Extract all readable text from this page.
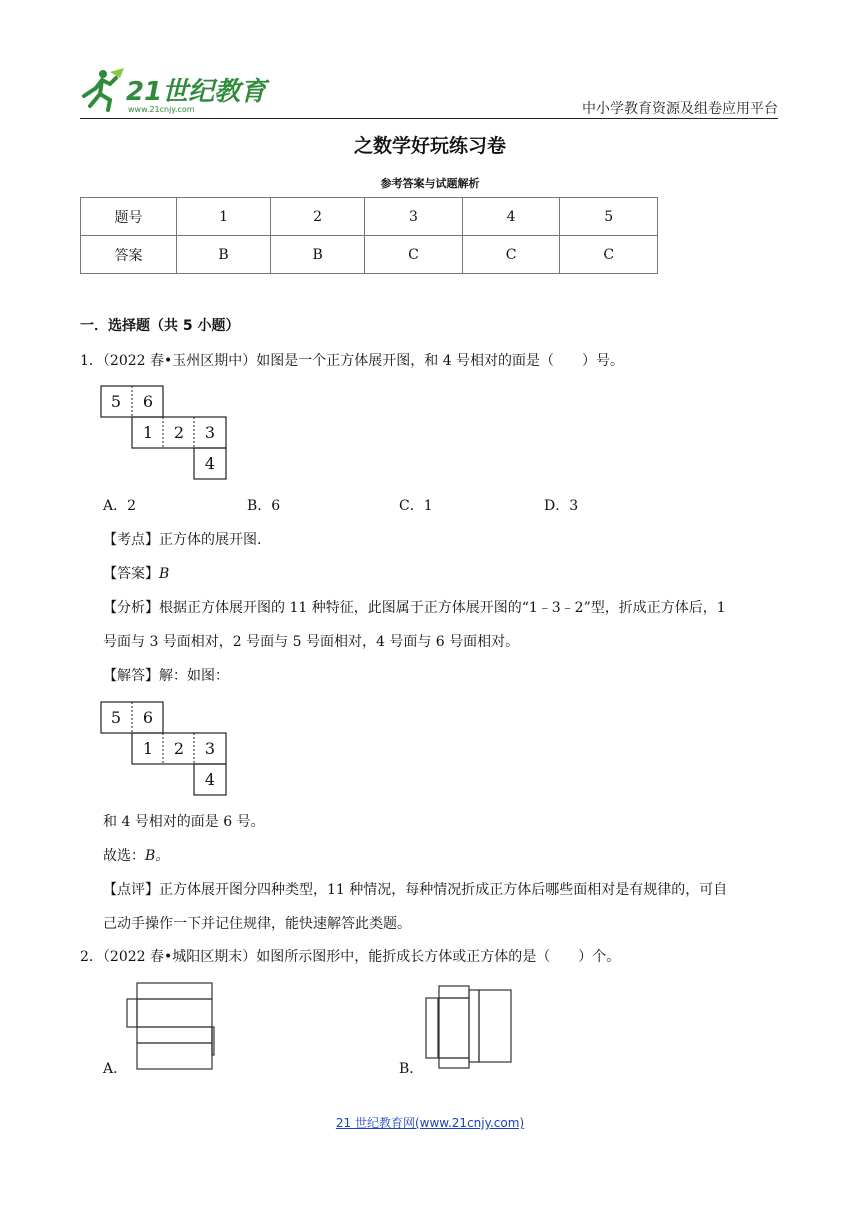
21世纪教育
www.21cnjy.com	中小学教育资源及组卷应用平台
之数学好玩练习卷
参考答案与试题解析
题号	1	2	3	4	5
答案	B	B	C	C	C
一．选择题（共 5 小题）
1．（2022 春•玉州区期中）如图是一个正方体展开图，和 4 号相对的面是（　　）号。
5 6
1 2 3
4
A．2	B．6	C．1	D．3
【考点】正方体的展开图.
【答案】B
【分析】根据正方体展开图的 11 种特征，此图属于正方体展开图的“1﹣3﹣2”型，折成正方体后，1
号面与 3 号面相对，2 号面与 5 号面相对，4 号面与 6 号面相对。
【解答】解：如图：
5 6
1 2 3
4
和 4 号相对的面是 6 号。
故选：B。
【点评】正方体展开图分四种类型，11 种情况，每种情况折成正方体后哪些面相对是有规律的，可自
己动手操作一下并记住规律，能快速解答此类题。
2．（2022 春•城阳区期末）如图所示图形中，能折成长方体或正方体的是（　　）个。
A．	B．
21 世纪教育网(www.21cnjy.com)
